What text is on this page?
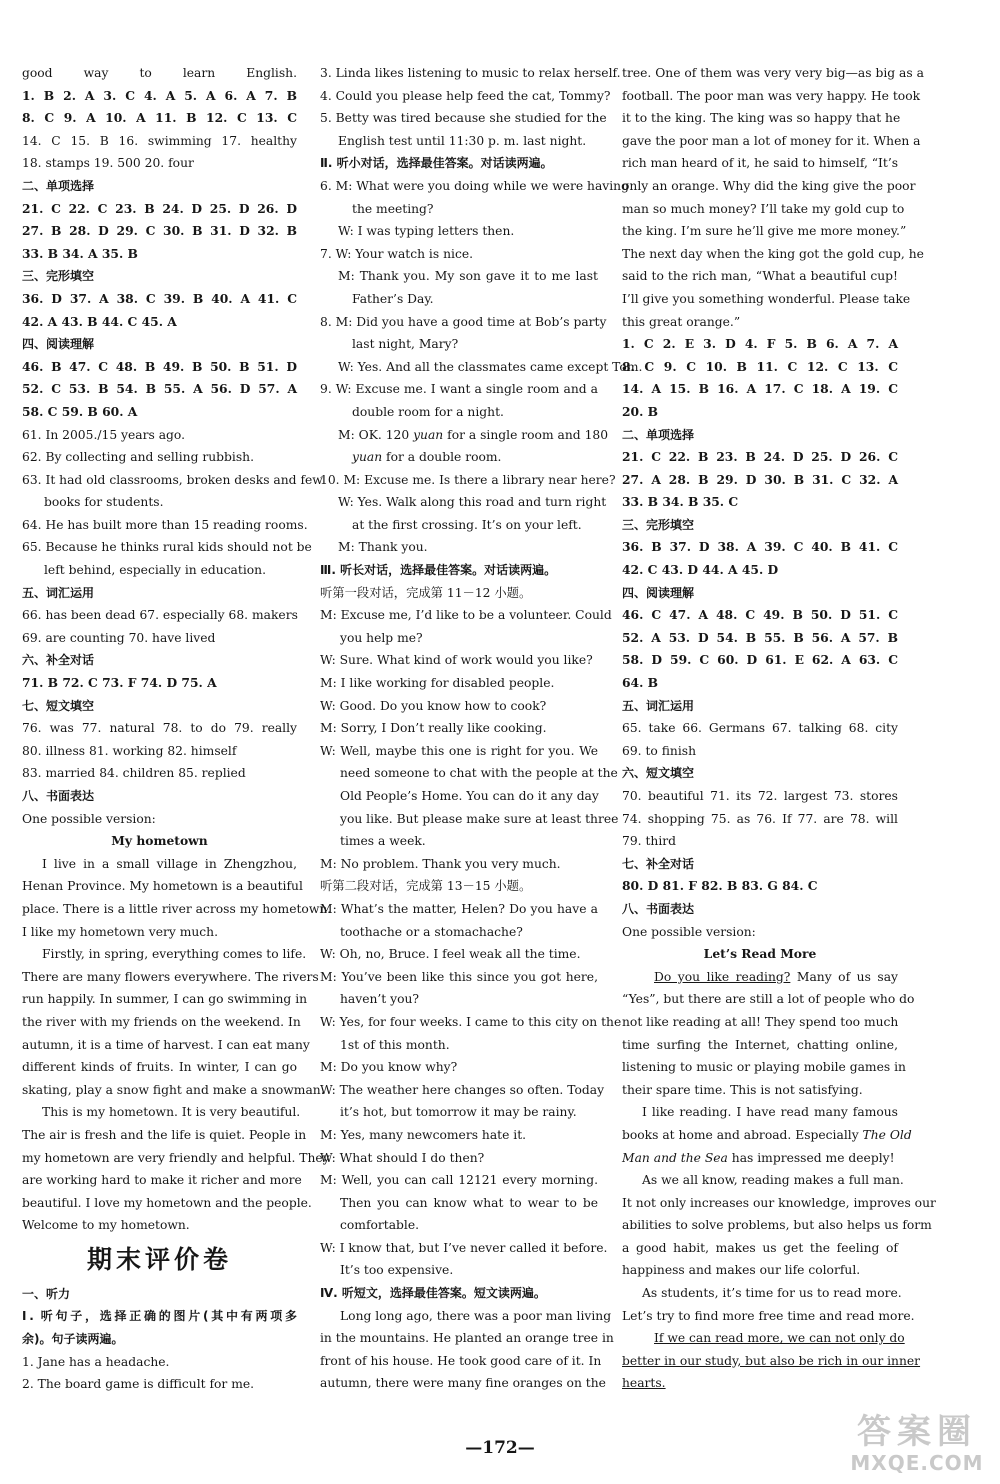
good way to learn English.
1. B 2. A 3. C 4. A 5. A 6. A 7. B
8. C 9. A 10. A 11. B 12. C 13. C
14. C 15. B 16. swimming 17. healthy
18. stamps 19. 500 20. four
二、单项选择
21. C 22. C 23. B 24. D 25. D 26. D
27. B 28. D 29. C 30. B 31. D 32. B
33. B 34. A 35. B
三、完形填空
36. D 37. A 38. C 39. B 40. A 41. C
42. A 43. B 44. C 45. A
四、阅读理解
46. B 47. C 48. B 49. B 50. B 51. D
52. C 53. B 54. B 55. A 56. D 57. A
58. C 59. B 60. A
61. In 2005./15 years ago.
62. By collecting and selling rubbish.
63. It had old classrooms, broken desks and few
books for students.
64. He has built more than 15 reading rooms.
65. Because he thinks rural kids should not be
left behind, especially in education.
五、词汇运用
66. has been dead 67. especially 68. makers
69. are counting 70. have lived
六、补全对话
71. B 72. C 73. F 74. D 75. A
七、短文填空
76. was 77. natural 78. to do 79. really
80. illness 81. working 82. himself
83. married 84. children 85. replied
八、书面表达
One possible version:
My hometown
I live in a small village in Zhengzhou,
Henan Province. My hometown is a beautiful
place. There is a little river across my hometown.
I like my hometown very much.
Firstly, in spring, everything comes to life.
There are many flowers everywhere. The rivers
run happily. In summer, I can go swimming in
the river with my friends on the weekend. In
autumn, it is a time of harvest. I can eat many
different kinds of fruits. In winter, I can go
skating, play a snow fight and make a snowman.
This is my hometown. It is very beautiful.
The air is fresh and the life is quiet. People in
my hometown are very friendly and helpful. They
are working hard to make it richer and more
beautiful. I love my hometown and the people.
Welcome to my hometown.
期末评价卷
一、听力
Ⅰ. 听句子，选择正确的图片(其中有两项多
余)。句子读两遍。
1. Jane has a headache.
2. The board game is difficult for me.
3. Linda likes listening to music to relax herself.
4. Could you please help feed the cat, Tommy?
5. Betty was tired because she studied for the
English test until 11:30 p. m. last night.
Ⅱ. 听小对话，选择最佳答案。对话读两遍。
6. M: What were you doing while we were having
the meeting?
W: I was typing letters then.
7. W: Your watch is nice.
M: Thank you. My son gave it to me last
Father’s Day.
8. M: Did you have a good time at Bob’s party
last night, Mary?
W: Yes. And all the classmates came except Tom.
9. W: Excuse me. I want a single room and a
double room for a night.
M: OK. 120 yuan for a single room and 180
yuan for a double room.
10. M: Excuse me. Is there a library near here?
W: Yes. Walk along this road and turn right
at the first crossing. It’s on your left.
M: Thank you.
Ⅲ. 听长对话，选择最佳答案。对话读两遍。
听第一段对话，完成第 11－12 小题。
M: Excuse me, I’d like to be a volunteer. Could
you help me?
W: Sure. What kind of work would you like?
M: I like working for disabled people.
W: Good. Do you know how to cook?
M: Sorry, I Don’t really like cooking.
W: Well, maybe this one is right for you. We
need someone to chat with the people at the
Old People’s Home. You can do it any day
you like. But please make sure at least three
times a week.
M: No problem. Thank you very much.
听第二段对话，完成第 13－15 小题。
M: What’s the matter, Helen? Do you have a
toothache or a stomachache?
W: Oh, no, Bruce. I feel weak all the time.
M: You’ve been like this since you got here,
haven’t you?
W: Yes, for four weeks. I came to this city on the
1st of this month.
M: Do you know why?
W: The weather here changes so often. Today
it’s hot, but tomorrow it may be rainy.
M: Yes, many newcomers hate it.
W: What should I do then?
M: Well, you can call 12121 every morning.
Then you can know what to wear to be
comfortable.
W: I know that, but I’ve never called it before.
It’s too expensive.
Ⅳ. 听短文，选择最佳答案。短文读两遍。
Long long ago, there was a poor man living
in the mountains. He planted an orange tree in
front of his house. He took good care of it. In
autumn, there were many fine oranges on the
tree. One of them was very very big—as big as a
football. The poor man was very happy. He took
it to the king. The king was so happy that he
gave the poor man a lot of money for it. When a
rich man heard of it, he said to himself, “It’s
only an orange. Why did the king give the poor
man so much money? I’ll take my gold cup to
the king. I’m sure he’ll give me more money.”
The next day when the king got the gold cup, he
said to the rich man, “What a beautiful cup!
I’ll give you something wonderful. Please take
this great orange.”
1. C 2. E 3. D 4. F 5. B 6. A 7. A
8. C 9. C 10. B 11. C 12. C 13. C
14. A 15. B 16. A 17. C 18. A 19. C
20. B
二、单项选择
21. C 22. B 23. B 24. D 25. D 26. C
27. A 28. B 29. D 30. B 31. C 32. A
33. B 34. B 35. C
三、完形填空
36. B 37. D 38. A 39. C 40. B 41. C
42. C 43. D 44. A 45. D
四、阅读理解
46. C 47. A 48. C 49. B 50. D 51. C
52. A 53. D 54. B 55. B 56. A 57. B
58. D 59. C 60. D 61. E 62. A 63. C
64. B
五、词汇运用
65. take 66. Germans 67. talking 68. city
69. to finish
六、短文填空
70. beautiful 71. its 72. largest 73. stores
74. shopping 75. as 76. If 77. are 78. will
79. third
七、补全对话
80. D 81. F 82. B 83. G 84. C
八、书面表达
One possible version:
Let’s Read More
Do you like reading? Many of us say
“Yes”, but there are still a lot of people who do
not like reading at all! They spend too much
time surfing the Internet, chatting online,
listening to music or playing mobile games in
their spare time. This is not satisfying.
I like reading. I have read many famous
books at home and abroad. Especially The Old
Man and the Sea has impressed me deeply!
As we all know, reading makes a full man.
It not only increases our knowledge, improves our
abilities to solve problems, but also helps us form
a good habit, makes us get the feeling of
happiness and makes our life colorful.
As students, it’s time for us to read more.
Let’s try to find more free time and read more.
If we can read more, we can not only do
better in our study, but also be rich in our inner
hearts.
—172—	答案圈
MXQE.COM
